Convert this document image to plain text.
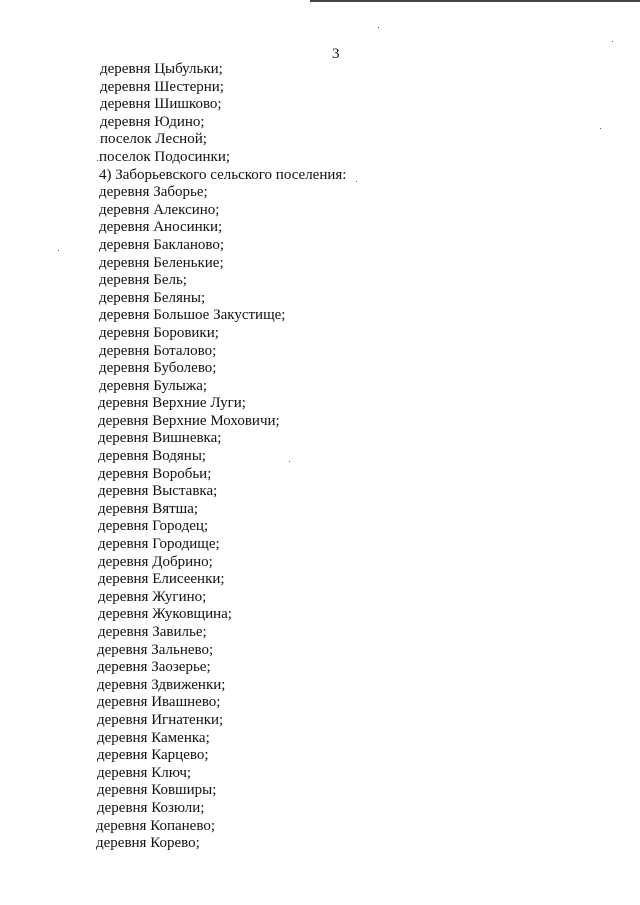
3
деревня Цыбульки;
деревня Шестерни;
деревня Шишково;
деревня Юдино;
поселок Лесной;
поселок Подосинки;
4) Заборьевского сельского поселения:
деревня Заборье;
деревня Алексино;
деревня Аносинки;
деревня Бакланово;
деревня Беленькие;
деревня Бель;
деревня Беляны;
деревня Большое Закустище;
деревня Боровики;
деревня Боталово;
деревня Буболево;
деревня Булыжа;
деревня Верхние Луги;
деревня Верхние Моховичи;
деревня Вишневка;
деревня Водяны;
деревня Воробьи;
деревня Выставка;
деревня Вятша;
деревня Городец;
деревня Городище;
деревня Добрино;
деревня Елисеенки;
деревня Жугино;
деревня Жуковщина;
деревня Завилье;
деревня Зальнево;
деревня Заозерье;
деревня Здвиженки;
деревня Ивашнево;
деревня Игнатенки;
деревня Каменка;
деревня Карцево;
деревня Ключ;
деревня Ковширы;
деревня Козюли;
деревня Копанево;
деревня Корево;
